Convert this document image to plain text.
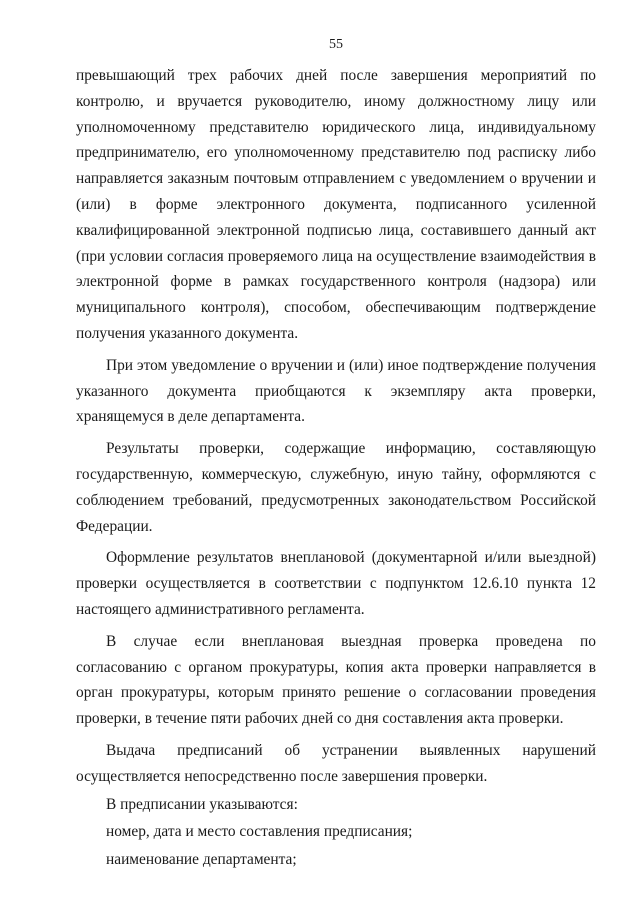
55

превышающий трех рабочих дней после завершения мероприятий по контролю, и вручается руководителю, иному должностному лицу или уполномоченному представителю юридического лица, индивидуальному предпринимателю, его уполномоченному представителю под расписку либо направляется заказным почтовым отправлением с уведомлением о вручении и (или) в форме электронного документа, подписанного усиленной квалифицированной электронной подписью лица, составившего данный акт (при условии согласия проверяемого лица на осуществление взаимодействия в электронной форме в рамках государственного контроля (надзора) или муниципального контроля), способом, обеспечивающим подтверждение получения указанного документа.

При этом уведомление о вручении и (или) иное подтверждение получения указанного документа приобщаются к экземпляру акта проверки, хранящемуся в деле департамента.

Результаты проверки, содержащие информацию, составляющую государственную, коммерческую, служебную, иную тайну, оформляются с соблюдением требований, предусмотренных законодательством Российской Федерации.

Оформление результатов внеплановой (документарной и/или выездной) проверки осуществляется в соответствии с подпунктом 12.6.10 пункта 12 настоящего административного регламента.

В случае если внеплановая выездная проверка проведена по согласованию с органом прокуратуры, копия акта проверки направляется в орган прокуратуры, которым принято решение о согласовании проведения проверки, в течение пяти рабочих дней со дня составления акта проверки.

Выдача предписаний об устранении выявленных нарушений осуществляется непосредственно после завершения проверки.

В предписании указываются:

номер, дата и место составления предписания;

наименование департамента;
